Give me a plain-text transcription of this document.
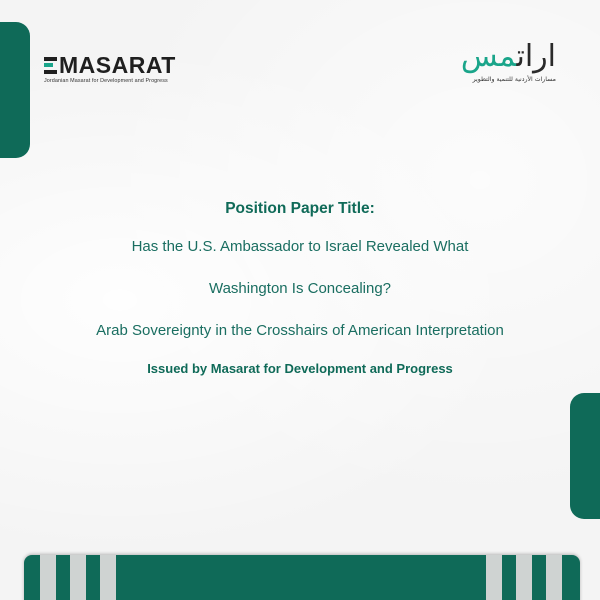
MASARAT
Jordanian Masarat for Development and Progress
اراتمس
مسارات الأردنية للتنمية والتطوير
Position Paper Title:
Has the U.S. Ambassador to Israel Revealed What
Washington Is Concealing?
Arab Sovereignty in the Crosshairs of American Interpretation
Issued by Masarat for Development and Progress
